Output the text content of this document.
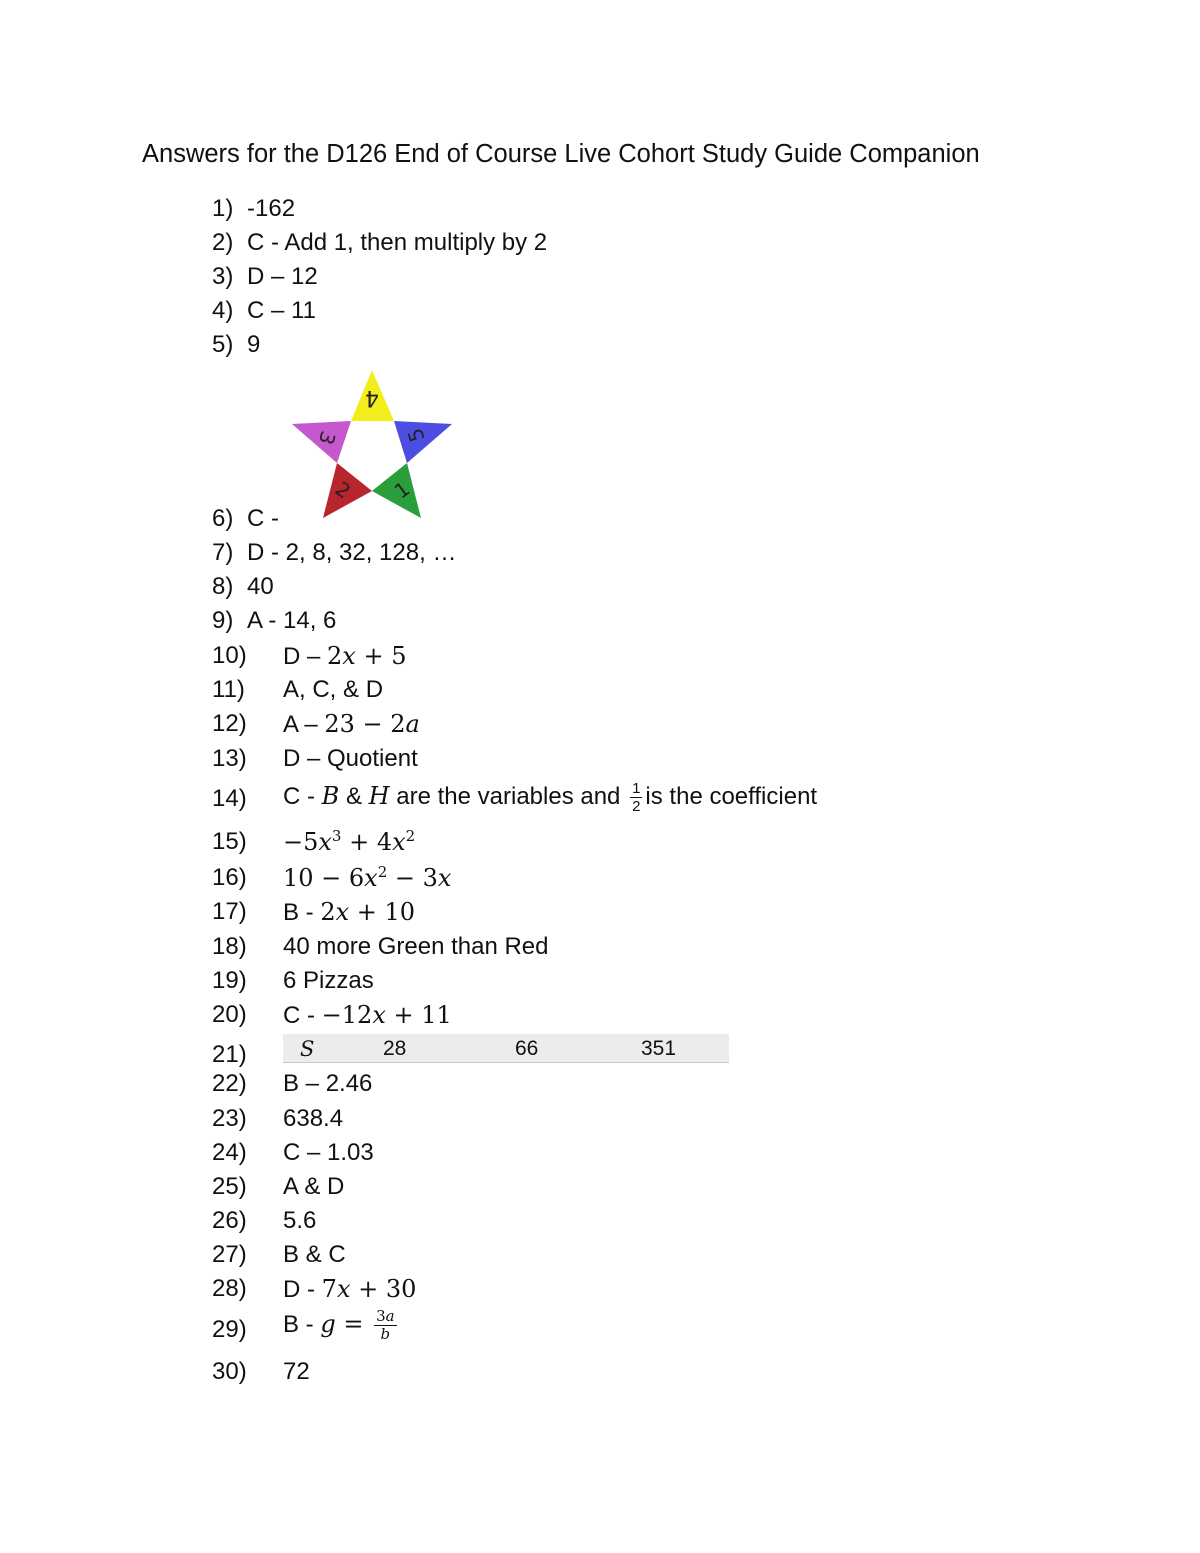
Answers for the D126 End of Course Live Cohort Study Guide Companion
1) -162
2) C - Add 1, then multiply by 2
3) D – 12
4) C – 11
5) 9
4
5
1
2
3
6) C -
7) D - 2, 8, 32, 128, …
8) 40
9) A - 14, 6
10) D – 2𝑥 + 5
11) A, C, & D
12) A – 23 − 2𝑎
13) D – Quotient
14) C - 𝐵 & 𝐻 are the variables and $\frac{1}{2}$ is the coefficient
15) −5𝑥$^3$ + 4𝑥$^2$
16) 10 − 6𝑥$^2$ − 3𝑥
17) B - 2𝑥 + 10
18) 40 more Green than Red
19) 6 Pizzas
20) C - −12𝑥 + 11
21)	𝑆	28	66	351
22) B – 2.46
23) 638.4
24) C – 1.03
25) A & D
26) 5.6
27) B & C
28) D - 7𝑥 + 30
29) B - 𝑔 = $\frac{\text{3𝑎}}{\text{𝑏}}$
30) 72
